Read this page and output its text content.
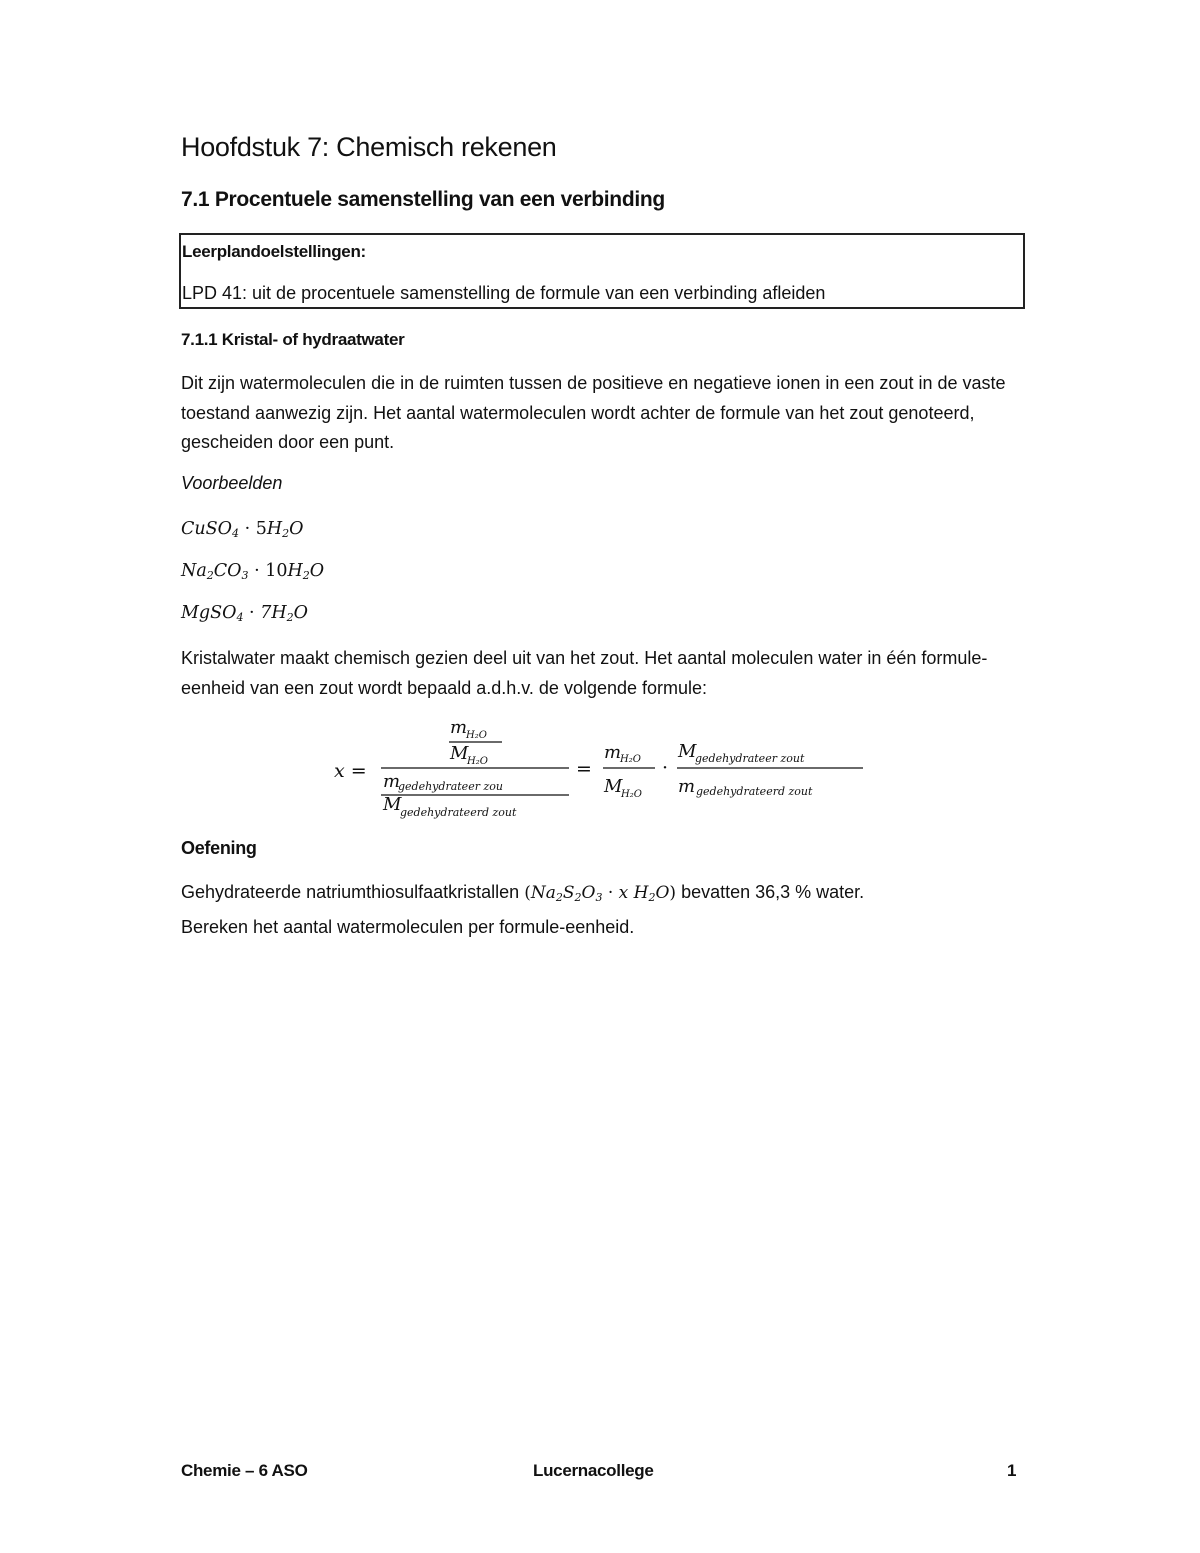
Hoofdstuk 7: Chemisch rekenen
7.1 Procentuele samenstelling van een verbinding
Leerplandoelstellingen:
LPD 41: uit de procentuele samenstelling de formule van een verbinding afleiden
7.1.1 Kristal- of hydraatwater

Dit zijn watermoleculen die in de ruimten tussen de positieve en negatieve ionen in een zout in de vaste toestand aanwezig zijn. Het aantal watermoleculen wordt achter de formule van het zout genoteerd, gescheiden door een punt.

Voorbeelden

CuSO$_4$ · $5H_2O$
$Na_2CO_3 \cdot 10H_2O$
MgSO$_4$ · $7H_2O$

Kristalwater maakt chemisch gezien deel uit van het zout. Het aantal moleculen water in één formule-eenheid van een zout wordt bepaald a.d.h.v. de volgende formule:

x =
m
H₂O
M
H₂O
m
gedehydrateer zou
M
gedehydrateerd zout
=
m
H₂O
M
H₂O
·
M
gedehydrateer zout
m gedehydrateerd zout
Oefening

Gehydrateerde natriumthiosulfaatkristallen ($Na_2S_2O_3 \cdot x$ $H_2O$) bevatten 36,3 % water.
Bereken het aantal watermoleculen per formule-eenheid.

Chemie – 6 ASO	Lucernacollege	1
